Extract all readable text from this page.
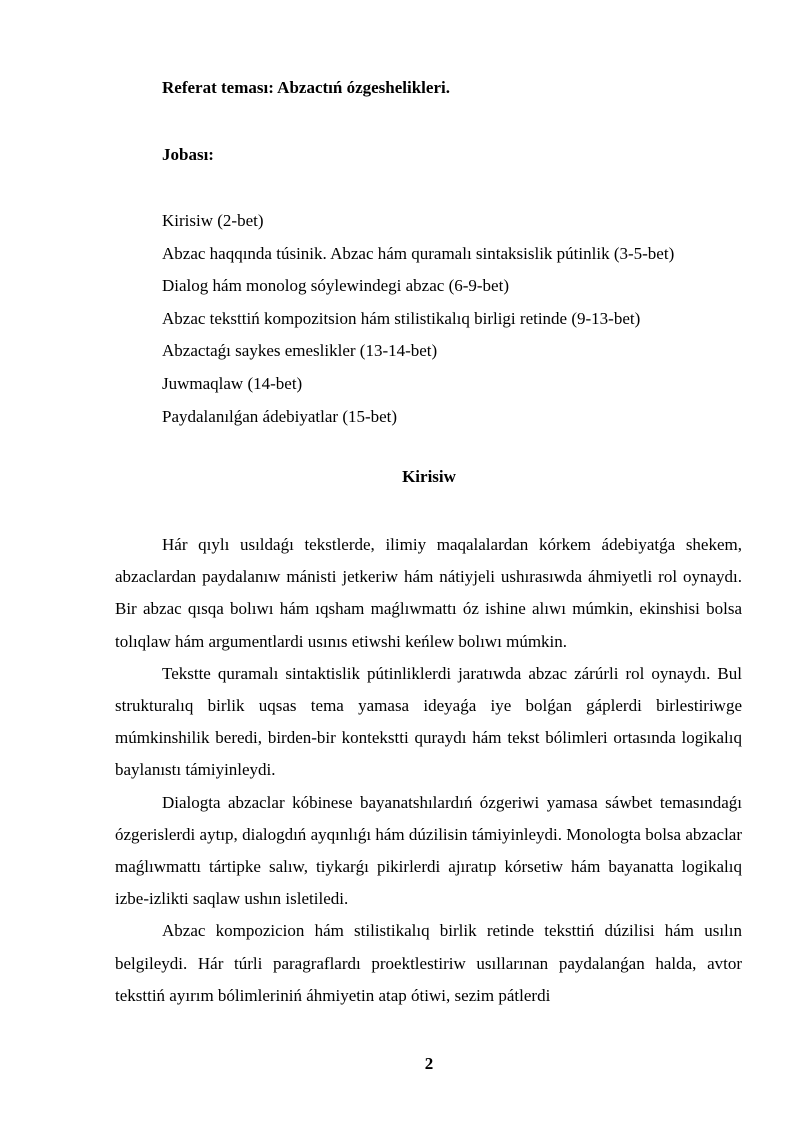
Referat teması: Abzactıń ózgeshelikleri.
Jobası:
Kirisiw (2-bet)
Abzac haqqında túsinik. Abzac hám quramalı sintaksislik pútinlik (3-5-bet)
Dialog hám monolog sóylewindegi abzac (6-9-bet)
Abzac teksttiń kompozitsion hám stilistikalıq birligi retinde (9-13-bet)
Abzactaǵı saykes emeslikler (13-14-bet)
Juwmaqlaw (14-bet)
Paydalanılǵan ádebiyatlar (15-bet)
Kirisiw

Hár qıylı usıldaǵı tekstlerde, ilimiy maqalalardan kórkem ádebiyatǵa shekem, abzaclardan paydalanıw mánisti jetkeriw hám nátiyjeli ushırasıwda áhmiyetli rol oynaydı. Bir abzac qısqa bolıwı hám ıqsham maǵlıwmattı óz ishine alıwı múmkin, ekinshisi bolsa tolıqlaw hám argumentlardi usınıs etiwshi keńlew bolıwı múmkin.

Tekstte quramalı sintaktislik pútinliklerdi jaratıwda abzac zárúrli rol oynaydı. Bul strukturalıq birlik uqsas tema yamasa ideyaǵa iye bolǵan gáplerdi birlestiriwge múmkinshilik beredi, birden-bir kontekstti quraydı hám tekst bólimleri ortasında logikalıq baylanıstı támiyinleydi.

Dialogta abzaclar kóbinese bayanatshılardıń ózgeriwi yamasa sáwbet temasındaǵı ózgerislerdi aytıp, dialogdıń ayqınlıǵı hám dúzilisin támiyinleydi. Monologta bolsa abzaclar maǵlıwmattı tártipke salıw, tiykarǵı pikirlerdi ajıratıp kórsetiw hám bayanatta logikalıq izbe-izlikti saqlaw ushın isletiledi.

Abzac kompozicion hám stilistikalıq birlik retinde teksttiń dúzilisi hám usılın belgileydi. Hár túrli paragraflardı proektlestiriw usıllarınan paydalanǵan halda, avtor teksttiń ayırım bólimleriniń áhmiyetin atap ótiwi, sezim pátlerdi

2
